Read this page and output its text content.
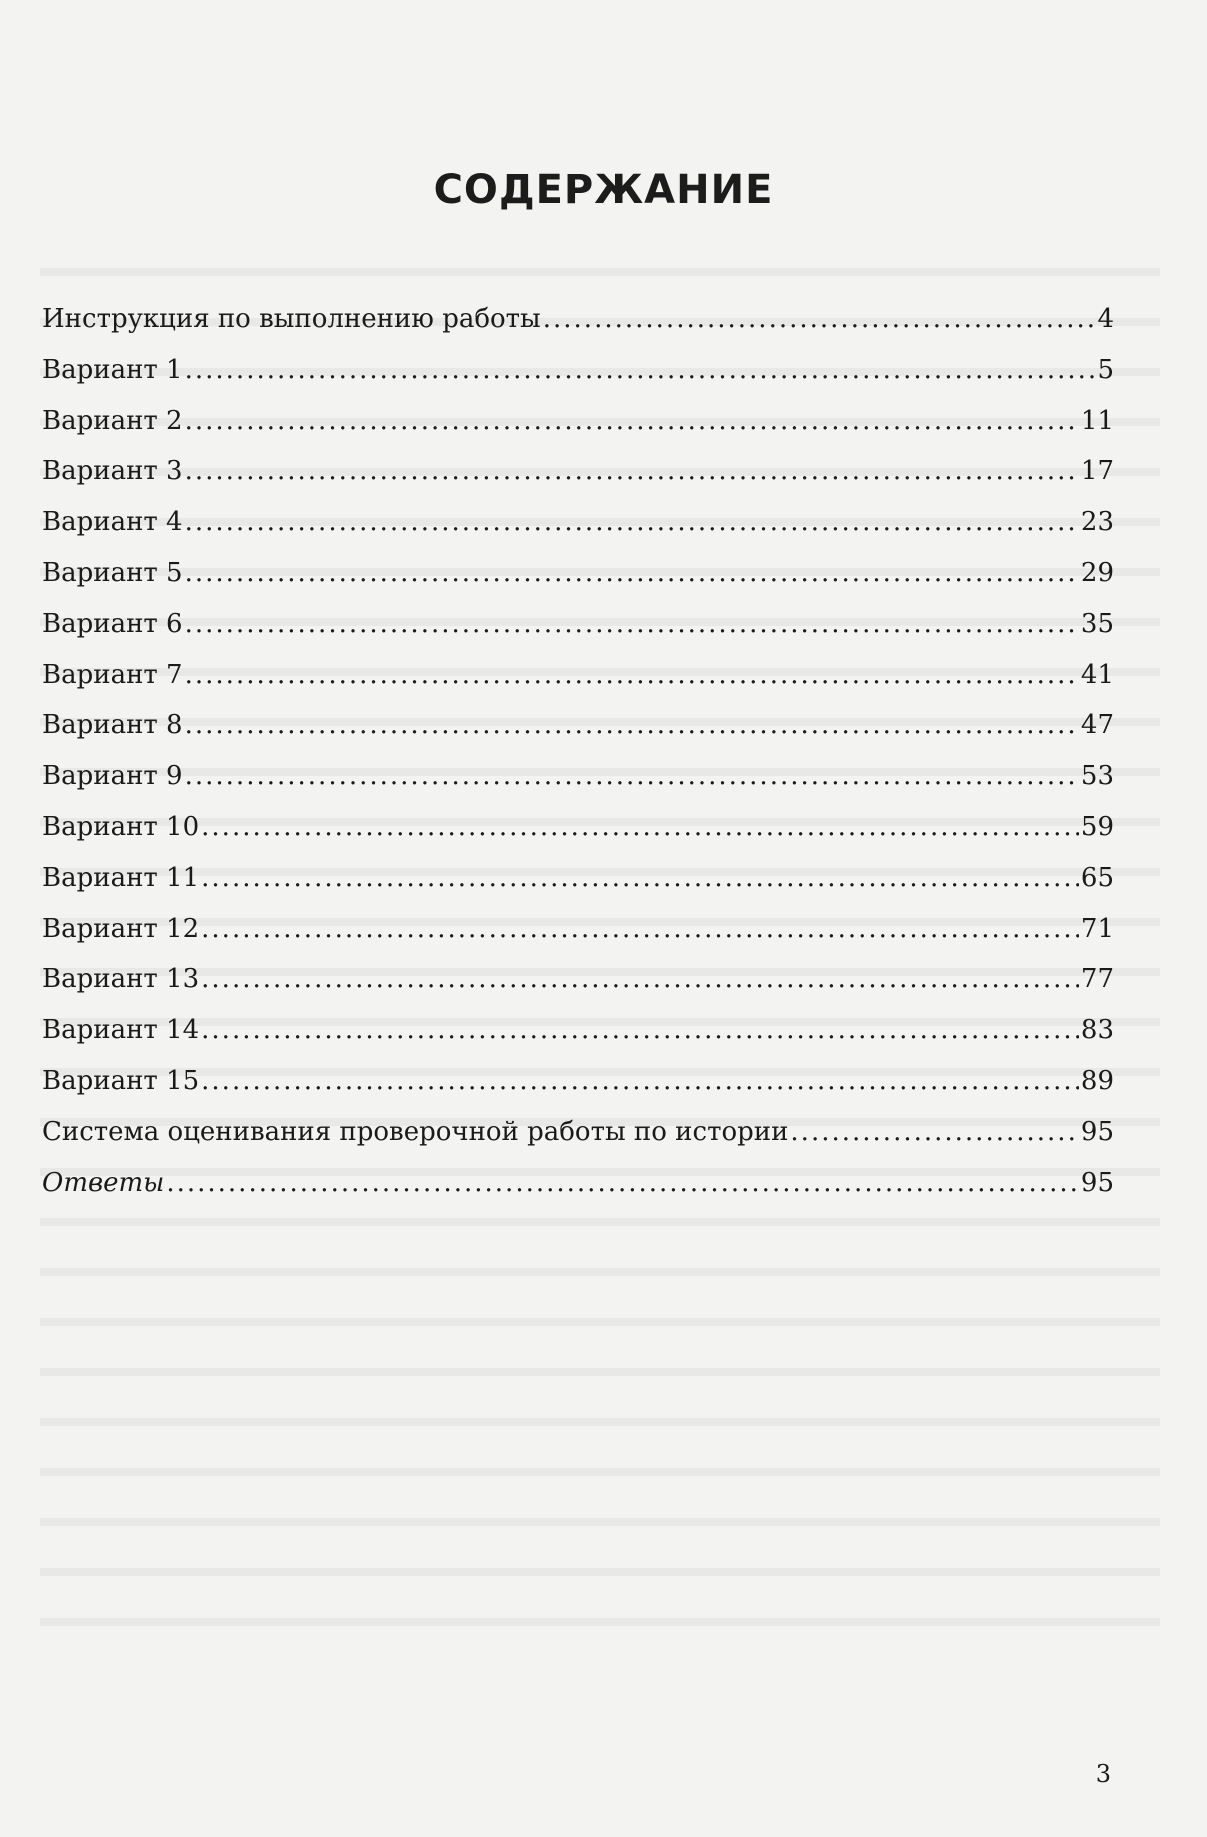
СОДЕРЖАНИЕ
Инструкция по выполнению работы .....	4
Вариант 1 .....	5
Вариант 2 .....	11
Вариант 3 .....	17
Вариант 4 .....	23
Вариант 5 .....	29
Вариант 6 .....	35
Вариант 7 .....	41
Вариант 8 .....	47
Вариант 9 .....	53
Вариант 10 .....	59
Вариант 11 .....	65
Вариант 12 .....	71
Вариант 13 .....	77
Вариант 14 .....	83
Вариант 15 .....	89
Система оценивания проверочной работы по истории .....	95
Ответы .....	95
3
